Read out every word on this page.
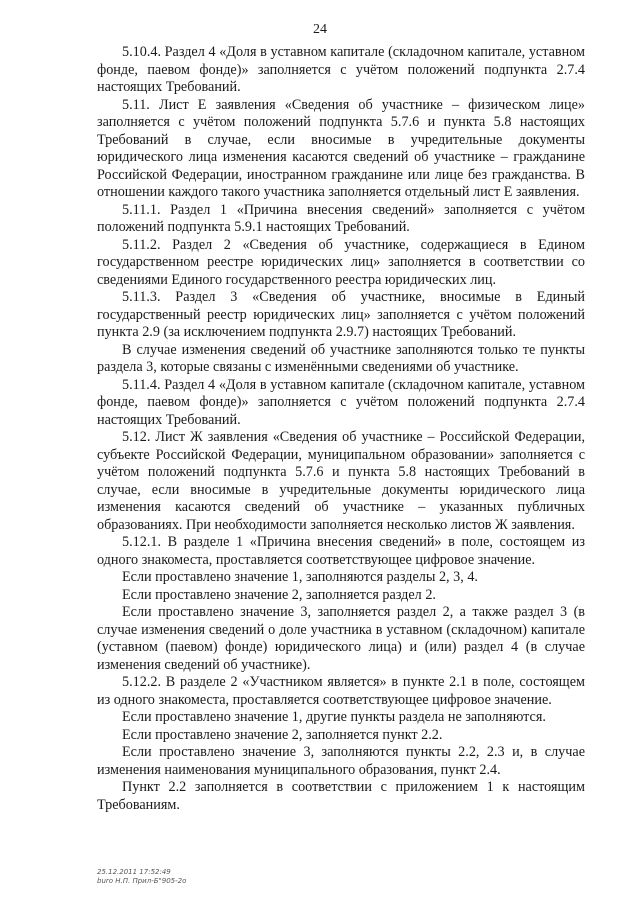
24

5.10.4. Раздел 4 «Доля в уставном капитале (складочном капитале, уставном фонде, паевом фонде)» заполняется с учётом положений подпункта 2.7.4 настоящих Требований.

5.11. Лист Е заявления «Сведения об участнике – физическом лице» заполняется с учётом положений подпункта 5.7.6 и пункта 5.8 настоящих Требований в случае, если вносимые в учредительные документы юридического лица изменения касаются сведений об участнике – гражданине Российской Федерации, иностранном гражданине или лице без гражданства. В отношении каждого такого участника заполняется отдельный лист Е заявления.

5.11.1. Раздел 1 «Причина внесения сведений» заполняется с учётом положений подпункта 5.9.1 настоящих Требований.

5.11.2. Раздел 2 «Сведения об участнике, содержащиеся в Едином государственном реестре юридических лиц» заполняется в соответствии со сведениями Единого государственного реестра юридических лиц.

5.11.3. Раздел 3 «Сведения об участнике, вносимые в Единый государственный реестр юридических лиц» заполняется с учётом положений пункта 2.9 (за исключением подпункта 2.9.7) настоящих Требований.

В случае изменения сведений об участнике заполняются только те пункты раздела 3, которые связаны с изменёнными сведениями об участнике.

5.11.4. Раздел 4 «Доля в уставном капитале (складочном капитале, уставном фонде, паевом фонде)» заполняется с учётом положений подпункта 2.7.4 настоящих Требований.

5.12. Лист Ж заявления «Сведения об участнике – Российской Федерации, субъекте Российской Федерации, муниципальном образовании» заполняется с учётом положений подпункта 5.7.6 и пункта 5.8 настоящих Требований в случае, если вносимые в учредительные документы юридического лица изменения касаются сведений об участнике – указанных публичных образованиях. При необходимости заполняется несколько листов Ж заявления.

5.12.1. В разделе 1 «Причина внесения сведений» в поле, состоящем из одного знакоместа, проставляется соответствующее цифровое значение.

Если проставлено значение 1, заполняются разделы 2, 3, 4.

Если проставлено значение 2, заполняется раздел 2.

Если проставлено значение 3, заполняется раздел 2, а также раздел 3 (в случае изменения сведений о доле участника в уставном (складочном) капитале (уставном (паевом) фонде) юридического лица) и (или) раздел 4 (в случае изменения сведений об участнике).

5.12.2. В разделе 2 «Участником является» в пункте 2.1 в поле, состоящем из одного знакоместа, проставляется соответствующее цифровое значение.

Если проставлено значение 1, другие пункты раздела не заполняются.

Если проставлено значение 2, заполняется пункт 2.2.

Если проставлено значение 3, заполняются пункты 2.2, 2.3 и, в случае изменения наименования муниципального образования, пункт 2.4.

Пункт 2.2 заполняется в соответствии с приложением 1 к настоящим Требованиям.

25.12.2011 17:52:49
buro Н.П. Прил-Б"905-2о
